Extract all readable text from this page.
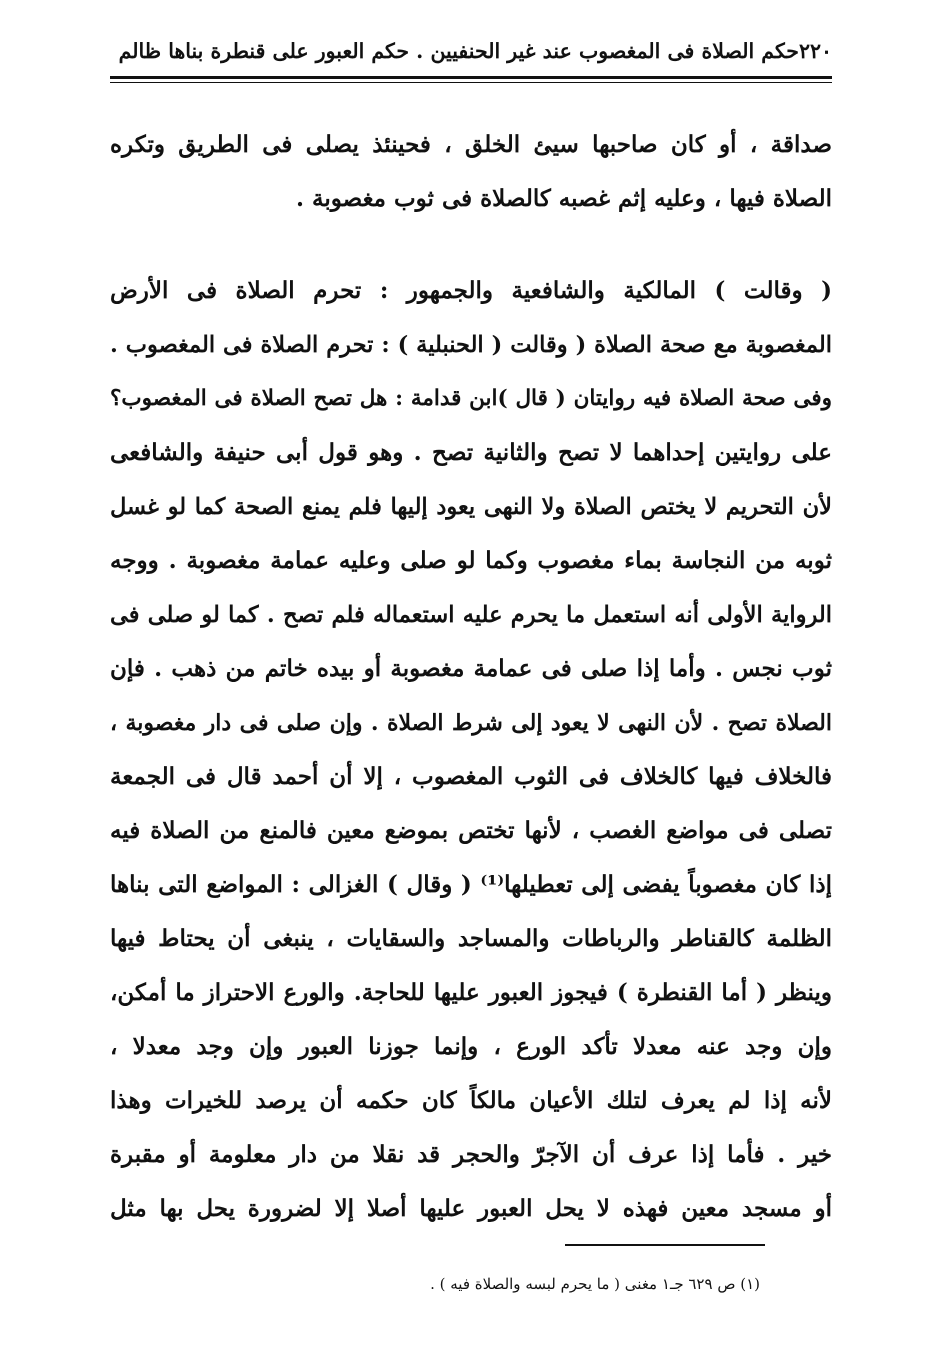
٢٢٠حكم الصلاة فى المغصوب عند غير الحنفيين . حكم العبور على قنطرة بناها ظالم
صداقة ، أو كان صاحبها سيئ الخلق ، فحينئذ يصلى فى الطريق وتكره
الصلاة فيها ، وعليه إثم غصبه كالصلاة فى ثوب مغصوبة .
( وقالت ) المالكية والشافعية والجمهور : تحرم الصلاة فى الأرض
المغصوبة مع صحة الصلاة ( وقالت ( الحنبلية ) : تحرم الصلاة فى المغصوب .
وفى صحة الصلاة فيه روايتان ( قال )ابن قدامة : هل تصح الصلاة فى المغصوب؟
على روايتين إحداهما لا تصح والثانية تصح . وهو قول أبى حنيفة والشافعى
لأن التحريم لا يختص الصلاة ولا النهى يعود إليها فلم يمنع الصحة كما لو غسل
ثوبه من النجاسة بماء مغصوب وكما لو صلى وعليه عمامة مغصوبة . ووجه
الرواية الأولى أنه استعمل ما يحرم عليه استعماله فلم تصح . كما لو صلى فى
ثوب نجس . وأما إذا صلى فى عمامة مغصوبة أو بيده خاتم من ذهب . فإن
الصلاة تصح . لأن النهى لا يعود إلى شرط الصلاة . وإن صلى فى دار مغصوبة ،
فالخلاف فيها كالخلاف فى الثوب المغصوب ، إلا أن أحمد قال فى الجمعة
تصلى فى مواضع الغصب ، لأنها تختص بموضع معين فالمنع من الصلاة فيه
إذا كان مغصوباً يفضى إلى تعطيلها⁽¹⁾ ( وقال ) الغزالى : المواضع التى بناها
الظلمة كالقناطر والرباطات والمساجد والسقايات ، ينبغى أن يحتاط فيها
وينظر ( أما القنطرة ) فيجوز العبور عليها للحاجة. والورع الاحتراز ما أمكن،
وإن وجد عنه معدلا تأكد الورع ، وإنما جوزنا العبور وإن وجد معدلا ،
لأنه إذا لم يعرف لتلك الأعيان مالكاً كان حكمه أن يرصد للخيرات وهذا
خير . فأما إذا عرف أن الآجرّ والحجر قد نقلا من دار معلومة أو مقبرة
أو مسجد معين فهذه لا يحل العبور عليها أصلا إلا لضرورة يحل بها مثل
(١) ص ٦٢٩ جـ١ مغنى ( ما يحرم لبسه والصلاة فيه ) .
